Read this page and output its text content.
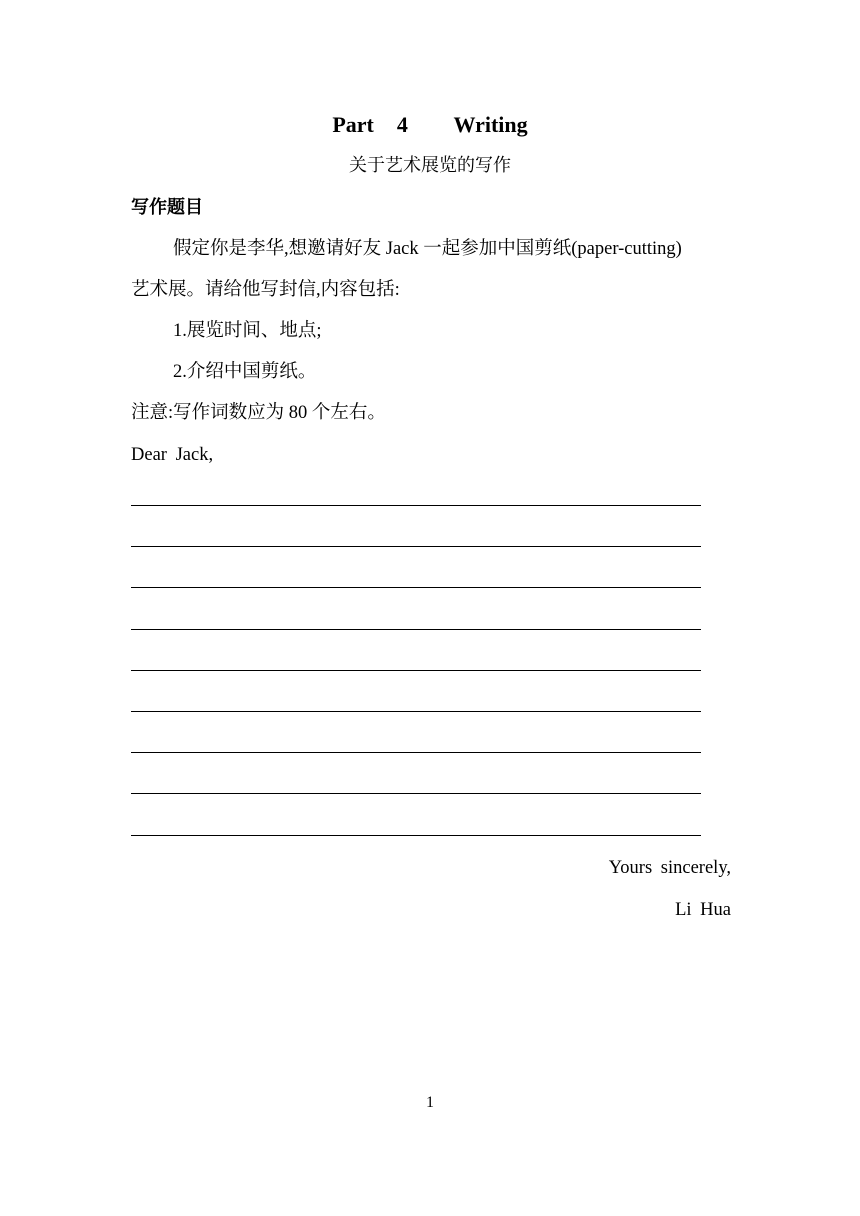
Part  4    Writing
关于艺术展览的写作
写作题目
假定你是李华,想邀请好友 Jack 一起参加中国剪纸(paper-cutting)
艺术展。请给他写封信,内容包括:
1.展览时间、地点;
2.介绍中国剪纸。
注意:写作词数应为 80 个左右。
Dear Jack,
Yours sincerely,
Li Hua
1
